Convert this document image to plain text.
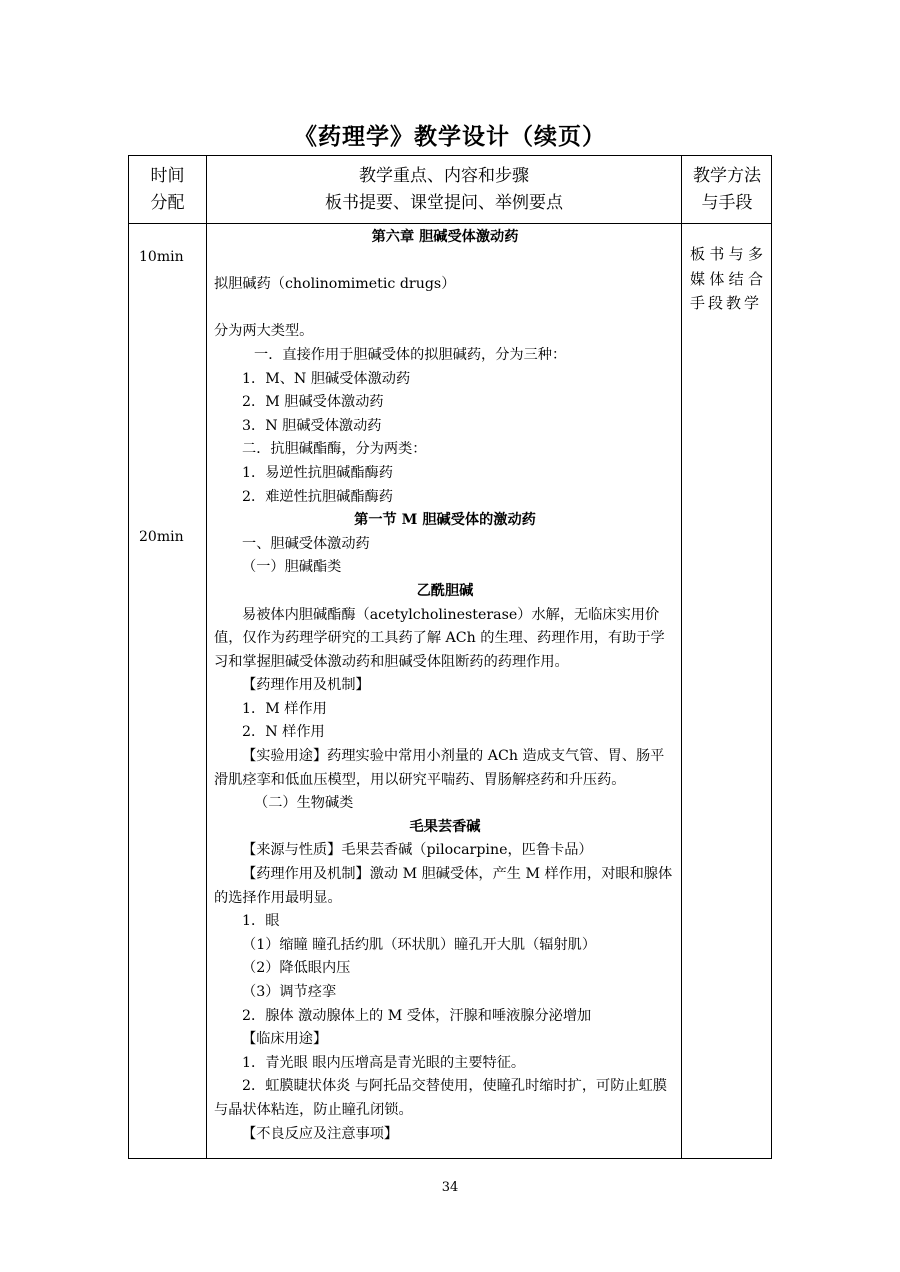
《药理学》教学设计（续页）
时间
分配
教学重点、内容和步骤
板书提要、课堂提问、举例要点
教学方法
与手段
10min
20min
板书与多媒体结合手段教学

第六章 胆碱受体激动药

拟胆碱药（cholinomimetic drugs）

分为两大类型。

一．直接作用于胆碱受体的拟胆碱药，分为三种：

1．M、N 胆碱受体激动药

2．M 胆碱受体激动药

3．N 胆碱受体激动药

二．抗胆碱酯酶，分为两类：

1．易逆性抗胆碱酯酶药

2．难逆性抗胆碱酯酶药

第一节 M 胆碱受体的激动药

一、胆碱受体激动药

（一）胆碱酯类

乙酰胆碱

易被体内胆碱酯酶（acetylcholinesterase）水解，无临床实用价值，仅作为药理学研究的工具药了解 ACh 的生理、药理作用，有助于学习和掌握胆碱受体激动药和胆碱受体阻断药的药理作用。

【药理作用及机制】

1．M 样作用

2．N 样作用

【实验用途】药理实验中常用小剂量的 ACh 造成支气管、胃、肠平滑肌痉挛和低血压模型，用以研究平喘药、胃肠解痉药和升压药。

（二）生物碱类

毛果芸香碱

【来源与性质】毛果芸香碱（pilocarpine，匹鲁卡品）

【药理作用及机制】激动 M 胆碱受体，产生 M 样作用，对眼和腺体的选择作用最明显。

1．眼

（1）缩瞳 瞳孔括约肌（环状肌）瞳孔开大肌（辐射肌）

（2）降低眼内压

（3）调节痉挛

2．腺体 激动腺体上的 M 受体，汗腺和唾液腺分泌增加

【临床用途】

1．青光眼 眼内压增高是青光眼的主要特征。

2．虹膜睫状体炎 与阿托品交替使用，使瞳孔时缩时扩，可防止虹膜与晶状体粘连，防止瞳孔闭锁。

【不良反应及注意事项】

34
